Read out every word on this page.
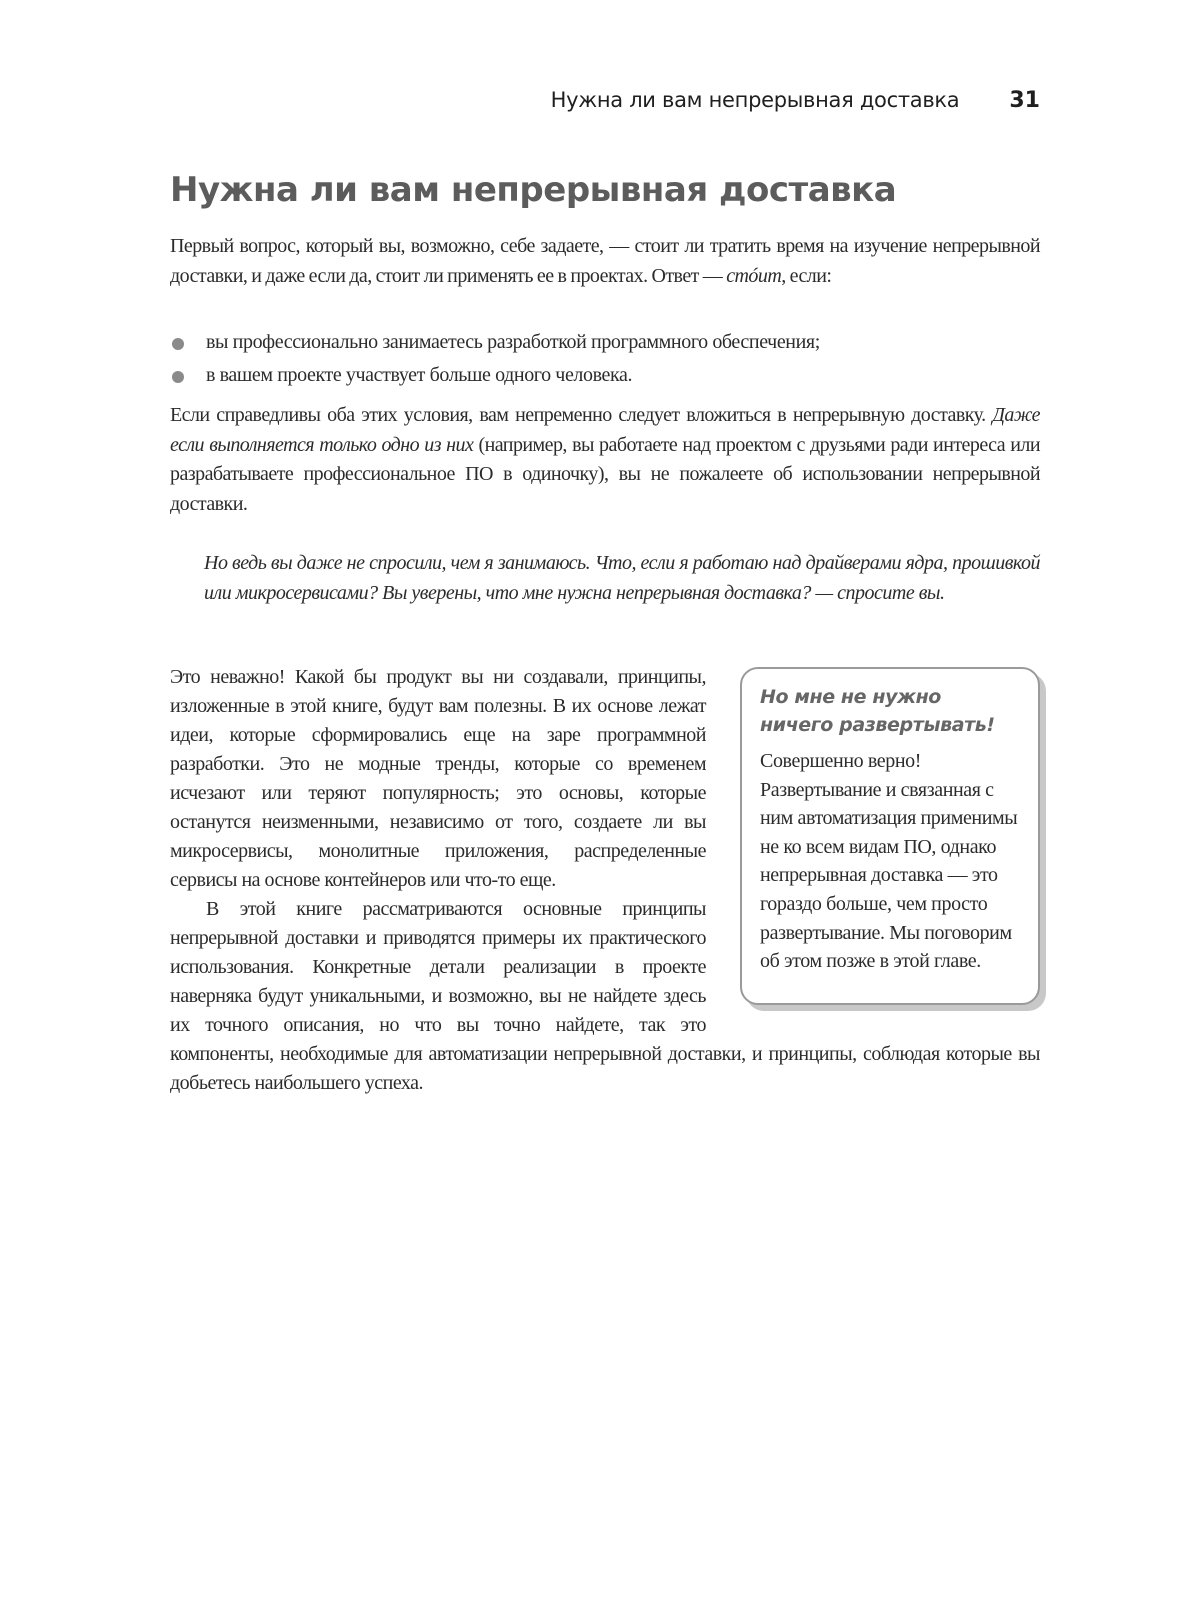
Нужна ли вам непрерывная доставка 31
Нужна ли вам непрерывная доставка

Первый вопрос, который вы, возможно, себе задаете, — стоит ли тратить время на изучение непрерывной доставки, и даже если да, стоит ли применять ее в проектах. Ответ — стóит, если:

вы профессионально занимаетесь разработкой программного обеспечения;
в вашем проекте участвует больше одного человека.

Если справедливы оба этих условия, вам непременно следует вложиться в непрерывную доставку. Даже если выполняется только одно из них (например, вы работаете над проектом с друзьями ради интереса или разрабатываете профессиональное ПО в одиночку), вы не пожалеете об использовании непрерывной доставки.

Но ведь вы даже не спросили, чем я занимаюсь. Что, если я работаю над драйверами ядра, прошивкой или микросервисами? Вы уверены, что мне нужна непрерывная доставка? — спросите вы.
Но мне не нужно ничего развертывать!

Совершенно верно! Развертывание и связанная с ним автоматизация применимы не ко всем видам ПО, однако непрерывная доставка — это гораздо больше, чем просто развертывание. Мы поговорим об этом позже в этой главе.

Это неважно! Какой бы продукт вы ни создавали, принципы, изложенные в этой книге, будут вам полезны. В их основе лежат идеи, которые сформировались еще на заре программной разработки. Это не модные тренды, которые со временем исчезают или теряют популярность; это основы, которые останутся неизменными, независимо от того, создаете ли вы микросервисы, монолитные приложения, распределенные сервисы на основе контейнеров или что-то еще.

В этой книге рассматриваются основные принципы непрерывной доставки и приводятся примеры их практического использования. Конкретные детали реализации в проекте наверняка будут уникальными, и возможно, вы не найдете здесь их точного описания, но что вы точно найдете, так это компоненты, необходимые для автоматизации непрерывной доставки, и принципы, соблюдая которые вы добьетесь наибольшего успеха.
